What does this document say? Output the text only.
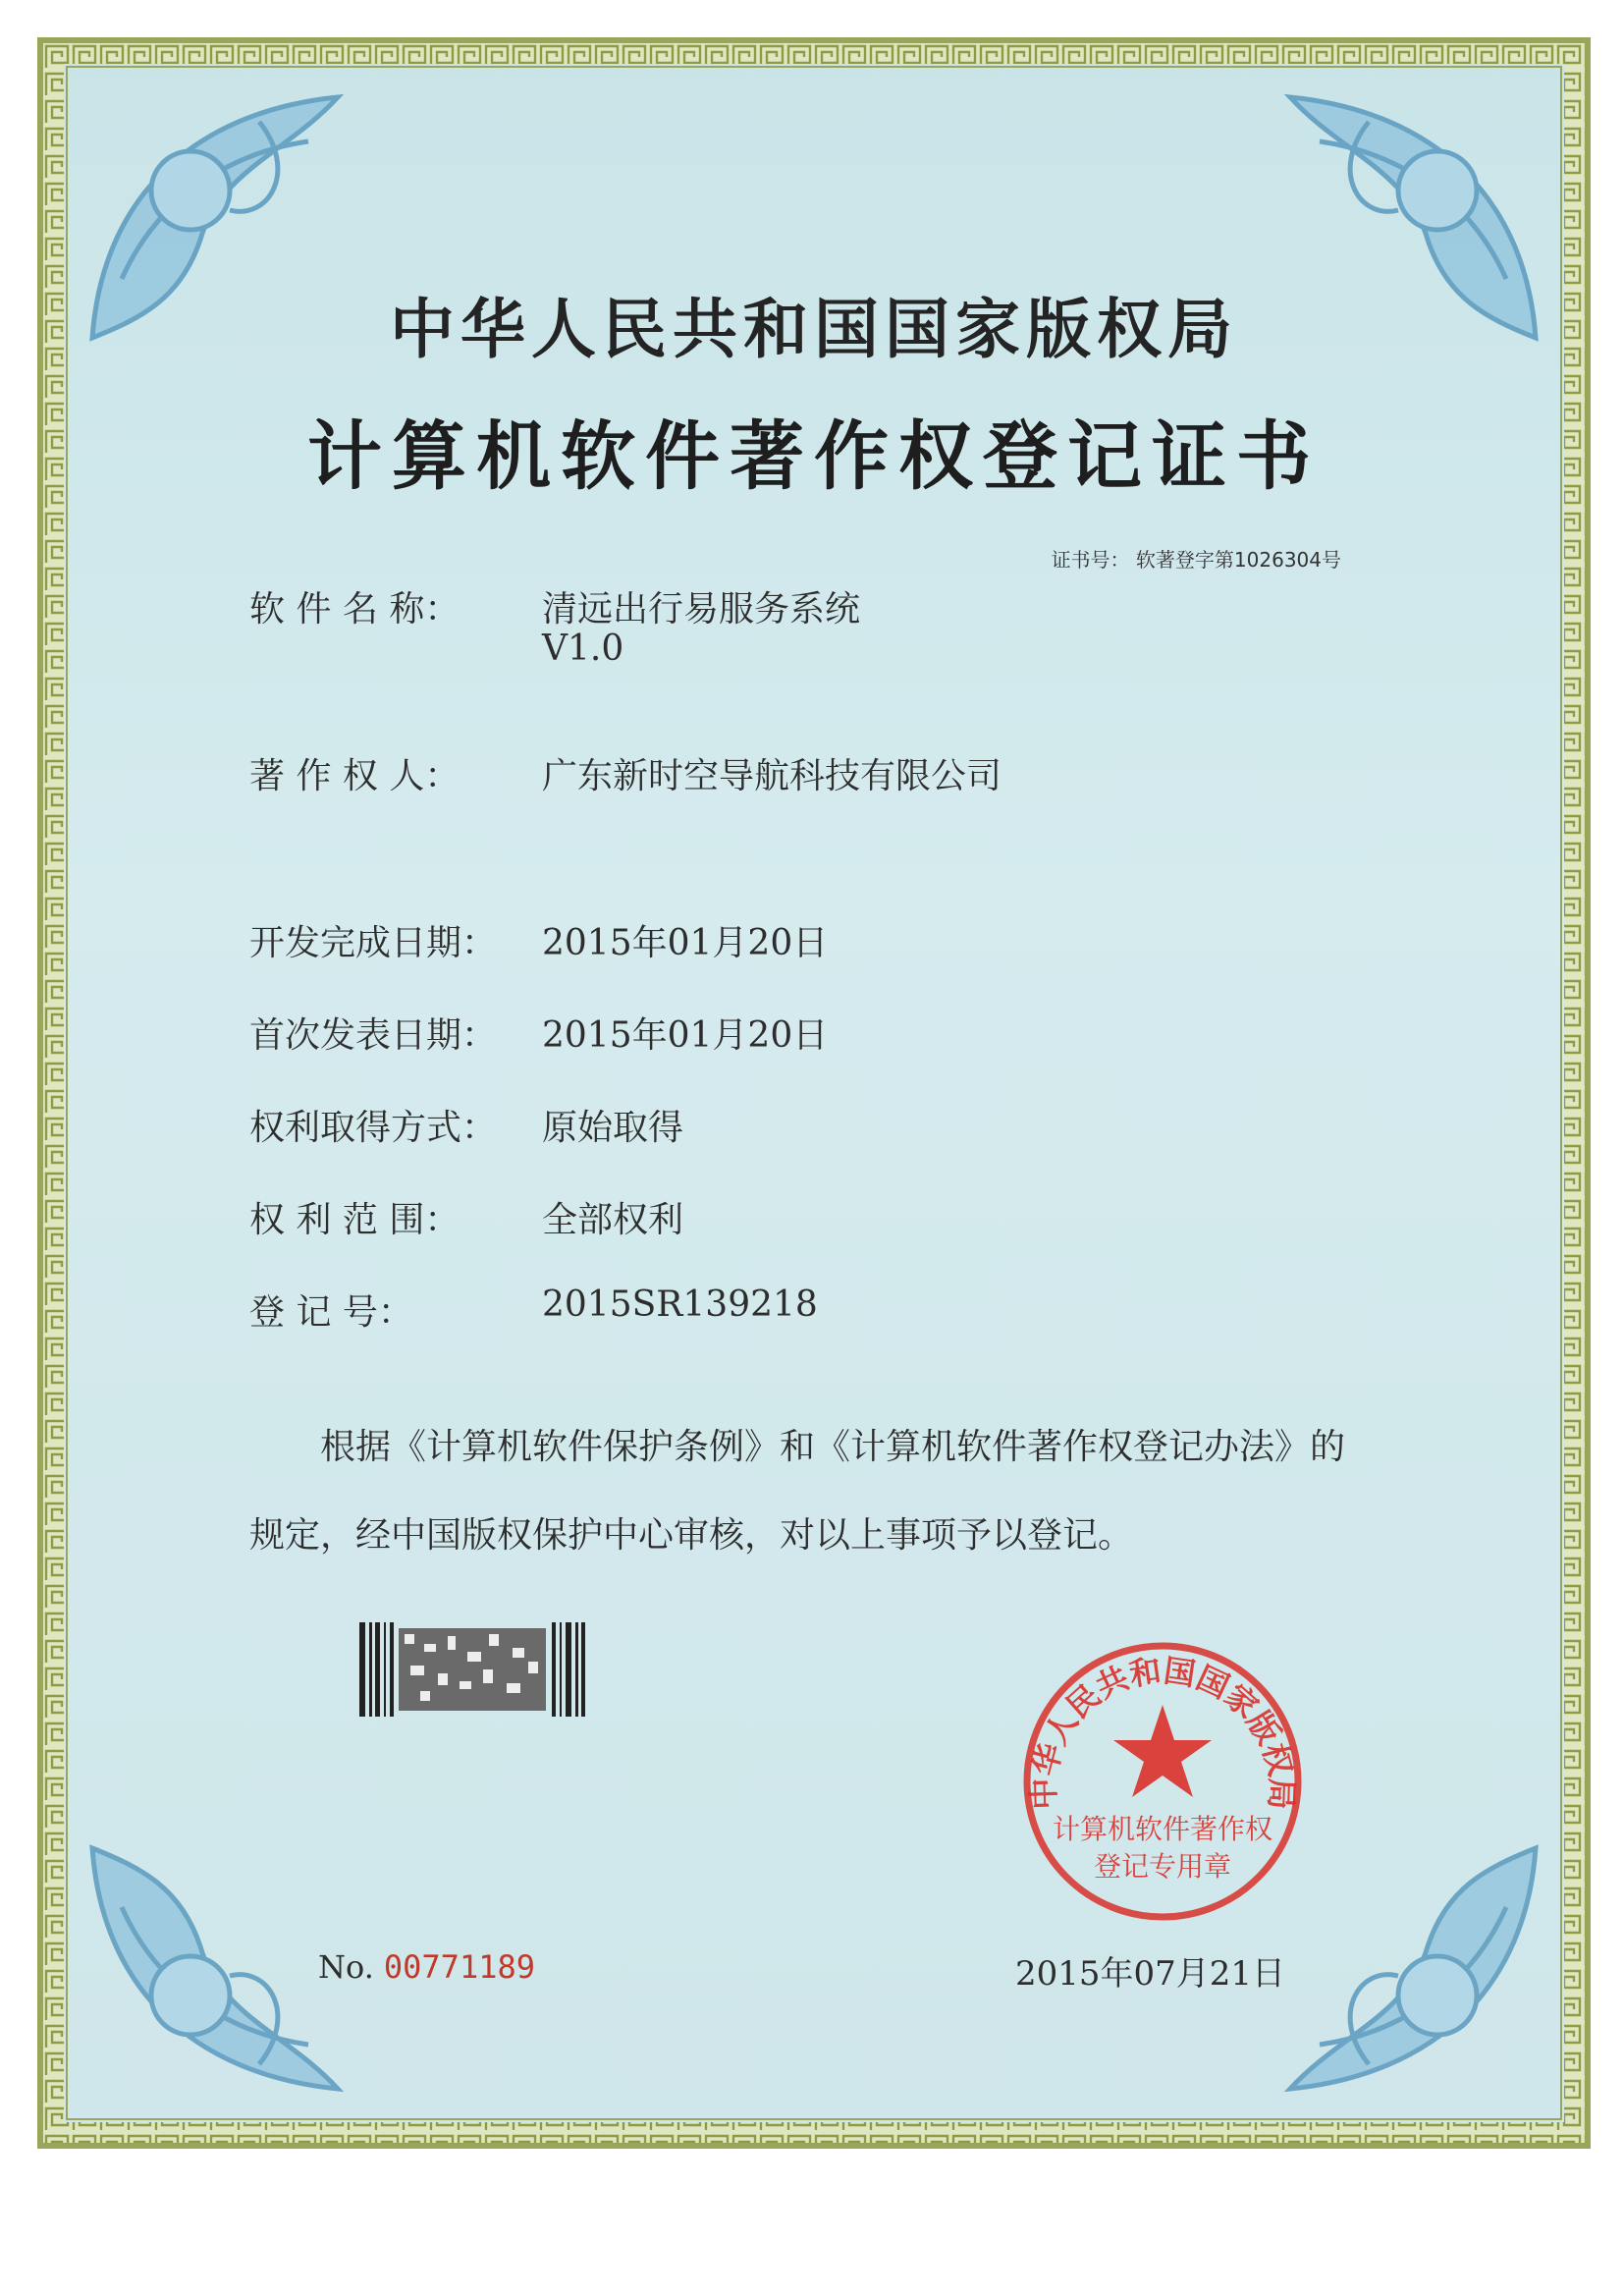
中华人民共和国国家版权局
计算机软件著作权登记证书
证书号： 软著登字第1026304号
软 件 名 称： 清远出行易服务系统
V1.0
著 作 权 人： 广东新时空导航科技有限公司
开发完成日期： 2015年01月20日
首次发表日期： 2015年01月20日
权利取得方式： 原始取得
权 利 范 围： 全部权利
登 记 号：	2015SR139218
根据《计算机软件保护条例》和《计算机软件著作权登记办法》的
规定，经中国版权保护中心审核，对以上事项予以登记。
中华人民共和国国家版权局
计算机软件著作权
登记专用章
No. 00771189	2015年07月21日
